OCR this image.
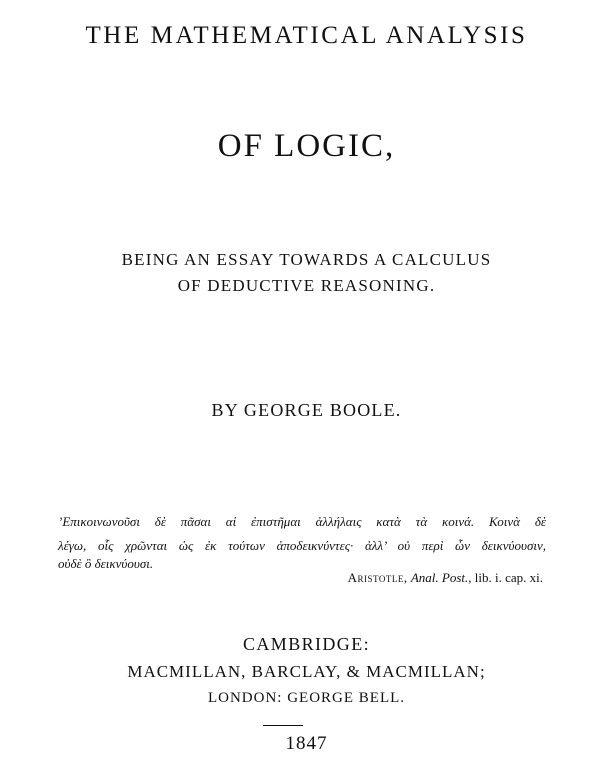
THE MATHEMATICAL ANALYSIS
OF LOGIC,
BEING AN ESSAY TOWARDS A CALCULUS
OF DEDUCTIVE REASONING.
BY GEORGE BOOLE.
’Επικοινωνοῦσι δὲ πᾶσαι αἱ ἐπιστῆμαι ἀλλήλαις κατὰ τὰ κοινά. Κοινὰ δὲ
λέγω, οἷς χρῶνται ὡς ἐκ τούτων ἀποδεικνύντες· ἀλλ’ οὐ περὶ ὧν δεικνύουσιν,
οὐδὲ ὃ δεικνύουσι.
Aristotle, Anal. Post., lib. i. cap. xi.
CAMBRIDGE:
MACMILLAN, BARCLAY, & MACMILLAN;
LONDON: GEORGE BELL.
1847
